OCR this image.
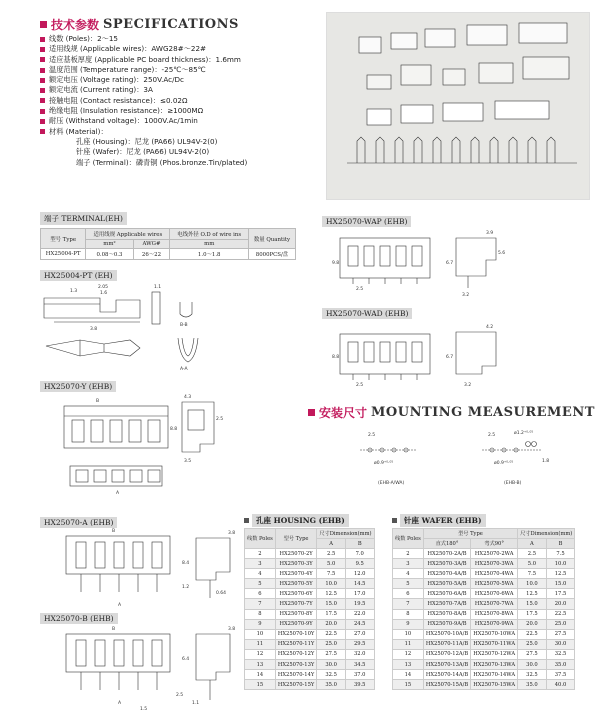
技术参数 SPECIFICATIONS
线数 (Poles)：2～15
适用线规 (Applicable wires)：AWG28#～22#
适应基板厚度 (Applicable PC board thickness)：1.6mm
温度范围 (Temperature range)：-25℃～85℃
额定电压 (Voltage rating)：250V.Ac/Dc
额定电流 (Current rating)：3A
接触电阻 (Contact resistance)：≤0.02Ω
绝缘电阻 (Insulation resistance)：≥1000MΩ
耐压 (Withstand voltage)：1000V.Ac/1min
材料 (Material)：
孔座 (Housing)：尼龙 (PA66) UL94V-2(0)
针座 (Wafer)：尼龙 (PA66) UL94V-2(0)
端子 (Terminal)：磷青铜 (Phos.bronze.Tin/plated)
端子 TERMINAL(EH)
型号 Type	适用线规 Applicable wires		电线外径 O.D of wire ins	数量 Quantity
	mm²	AWG#	mm	
HX25004-PT	0.08～0.3	26～22	1.0～1.8	8000PCS/盘
HX25004-PT (EH)
3.8
1.3
2.05
1.6
1.1
B-B
A-A
HX25070-Y (EHB)
B
A
4.3
8.8
2.5
3.5
HX25070-A (EHB)
B
A
3.8
8.4
1.2
0.64
HX25070-B (EHB)
B
A
3.8
6.4
2.5
1.1
1.5
HX25070-WAP (EHB)
9.8
2.5
3.9
6.7
5.6
3.2
HX25070-WAD (EHB)
8.8
2.5
4.2
6.7
3.2
安装尺寸 MOUNTING MEASUREMENT
2.5
ø0.9⁺⁰·⁰⁵
(EHB-A/WA)
2.5	ø1.2⁺⁰·⁰⁵
ø0.9⁺⁰·⁰⁵	1.8
(EHB-B)
孔座 HOUSING (EHB)
线数 Poles	型号 Type	尺寸Dimension(mm)	
		A	B
2	HX25070-2Y	2.5	7.0
3	HX25070-3Y	5.0	9.5
4	HX25070-4Y	7.5	12.0
5	HX25070-5Y	10.0	14.5
6	HX25070-6Y	12.5	17.0
7	HX25070-7Y	15.0	19.5
8	HX25070-8Y	17.5	22.0
9	HX25070-9Y	20.0	24.5
10	HX25070-10Y	22.5	27.0
11	HX25070-11Y	25.0	29.5
12	HX25070-12Y	27.5	32.0
13	HX25070-13Y	30.0	34.5
14	HX25070-14Y	32.5	37.0
15	HX25070-15Y	35.0	39.5
针座 WAFER (EHB)
线数 Poles	型号 Type		尺寸Dimension(mm)	
	直式180°	弯式90°	A	B
2	HX25070-2A/B	HX25070-2WA	2.5	7.5
3	HX25070-3A/B	HX25070-3WA	5.0	10.0
4	HX25070-4A/B	HX25070-4WA	7.5	12.5
5	HX25070-5A/B	HX25070-5WA	10.0	15.0
6	HX25070-6A/B	HX25070-6WA	12.5	17.5
7	HX25070-7A/B	HX25070-7WA	15.0	20.0
8	HX25070-8A/B	HX25070-8WA	17.5	22.5
9	HX25070-9A/B	HX25070-9WA	20.0	25.0
10	HX25070-10A/B	HX25070-10WA	22.5	27.5
11	HX25070-11A/B	HX25070-11WA	25.0	30.0
12	HX25070-12A/B	HX25070-12WA	27.5	32.5
13	HX25070-13A/B	HX25070-13WA	30.0	35.0
14	HX25070-14A/B	HX25070-14WA	32.5	37.5
15	HX25070-15A/B	HX25070-15WA	35.0	40.0
